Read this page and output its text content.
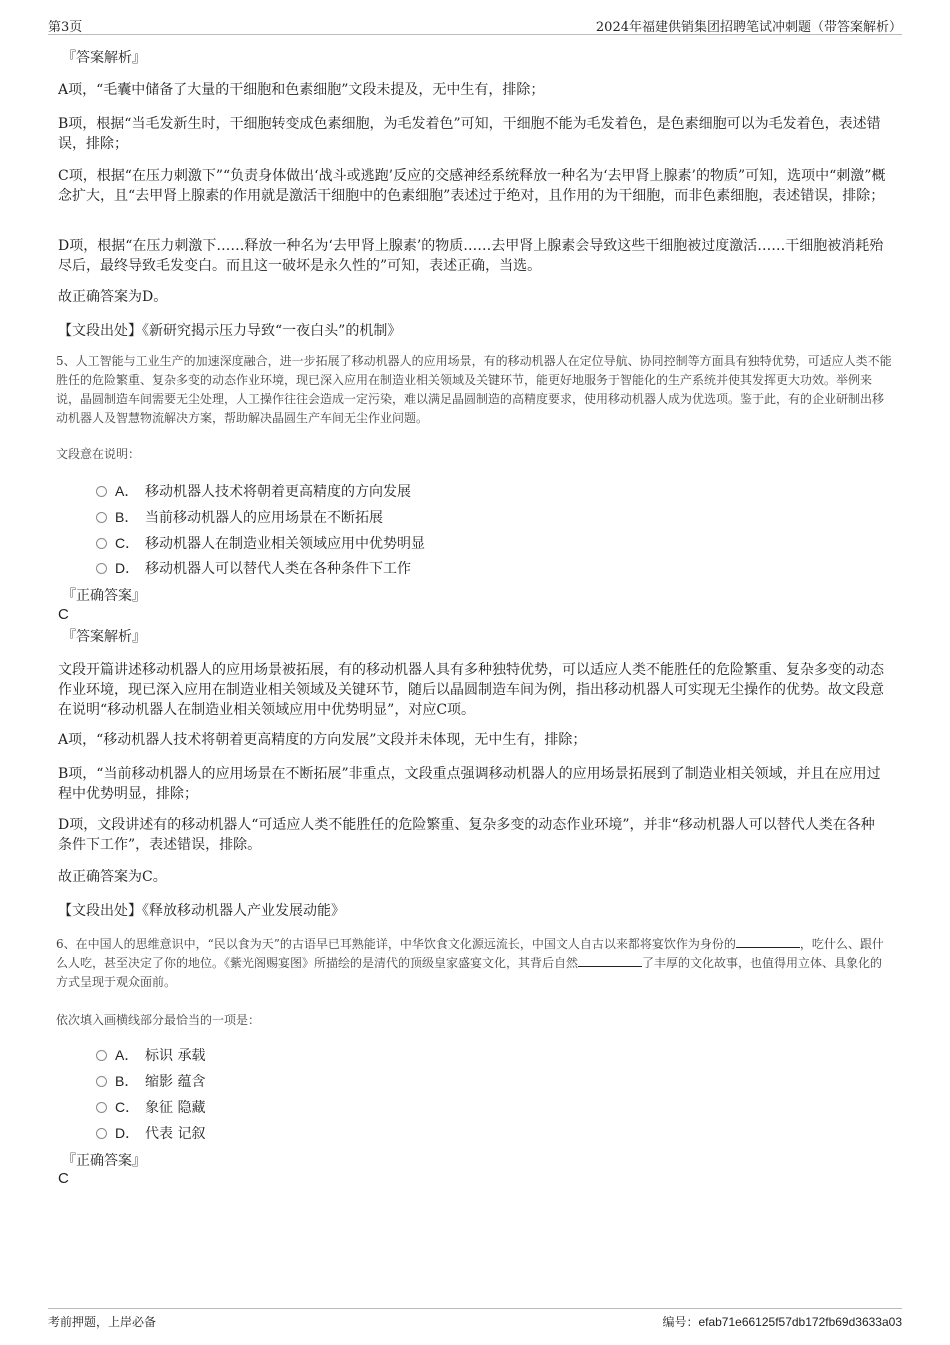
第3页	2024年福建供销集团招聘笔试冲刺题（带答案解析）
『答案解析』
A项，“毛囊中储备了大量的干细胞和色素细胞”文段未提及，无中生有，排除；
B项，根据“当毛发新生时，干细胞转变成色素细胞，为毛发着色”可知，干细胞不能为毛发着色，是色素细胞可以为毛发着色，表述错误，排除；
C项，根据“在压力刺激下”“负责身体做出‘战斗或逃跑’反应的交感神经系统释放一种名为‘去甲肾上腺素’的物质”可知，选项中“刺激”概念扩大，且“去甲肾上腺素的作用就是激活干细胞中的色素细胞”表述过于绝对，且作用的为干细胞，而非色素细胞，表述错误，排除；
D项，根据“在压力刺激下……释放一种名为‘去甲肾上腺素’的物质……去甲肾上腺素会导致这些干细胞被过度激活……干细胞被消耗殆尽后，最终导致毛发变白。而且这一破坏是永久性的”可知，表述正确，当选。
故正确答案为D。
【文段出处】《新研究揭示压力导致“一夜白头”的机制》
5、人工智能与工业生产的加速深度融合，进一步拓展了移动机器人的应用场景，有的移动机器人在定位导航、协同控制等方面具有独特优势，可适应人类不能胜任的危险繁重、复杂多变的动态作业环境，现已深入应用在制造业相关领域及关键环节，能更好地服务于智能化的生产系统并使其发挥更大功效。举例来说，晶圆制造车间需要无尘处理，人工操作往往会造成一定污染，难以满足晶圆制造的高精度要求，使用移动机器人成为优选项。鉴于此，有的企业研制出移动机器人及智慧物流解决方案，帮助解决晶圆生产车间无尘作业问题。
文段意在说明：
A． 移动机器人技术将朝着更高精度的方向发展
B． 当前移动机器人的应用场景在不断拓展
C． 移动机器人在制造业相关领域应用中优势明显
D． 移动机器人可以替代人类在各种条件下工作
『正确答案』
C
『答案解析』
文段开篇讲述移动机器人的应用场景被拓展，有的移动机器人具有多种独特优势，可以适应人类不能胜任的危险繁重、复杂多变的动态作业环境，现已深入应用在制造业相关领域及关键环节，随后以晶圆制造车间为例，指出移动机器人可实现无尘操作的优势。故文段意在说明“移动机器人在制造业相关领域应用中优势明显”，对应C项。
A项，“移动机器人技术将朝着更高精度的方向发展”文段并未体现，无中生有，排除；
B项，“当前移动机器人的应用场景在不断拓展”非重点，文段重点强调移动机器人的应用场景拓展到了制造业相关领域，并且在应用过程中优势明显，排除；
D项，文段讲述有的移动机器人“可适应人类不能胜任的危险繁重、复杂多变的动态作业环境”，并非“移动机器人可以替代人类在各种条件下工作”，表述错误，排除。
故正确答案为C。
【文段出处】《释放移动机器人产业发展动能》
6、在中国人的思维意识中，“民以食为天”的古语早已耳熟能详，中华饮食文化源远流长，中国文人自古以来都将宴饮作为身份的	，吃什么、跟什么人吃，甚至决定了你的地位。《紫光阁赐宴图》所描绘的是清代的顶级皇家盛宴文化，其背后自然	了丰厚的文化故事，也值得用立体、具象化的方式呈现于观众面前。
依次填入画横线部分最恰当的一项是：
A． 标识 承载
B． 缩影 蕴含
C． 象征 隐藏
D． 代表 记叙
『正确答案』
C
考前押题，上岸必备	编号：efab71e66125f57db172fb69d3633a03
